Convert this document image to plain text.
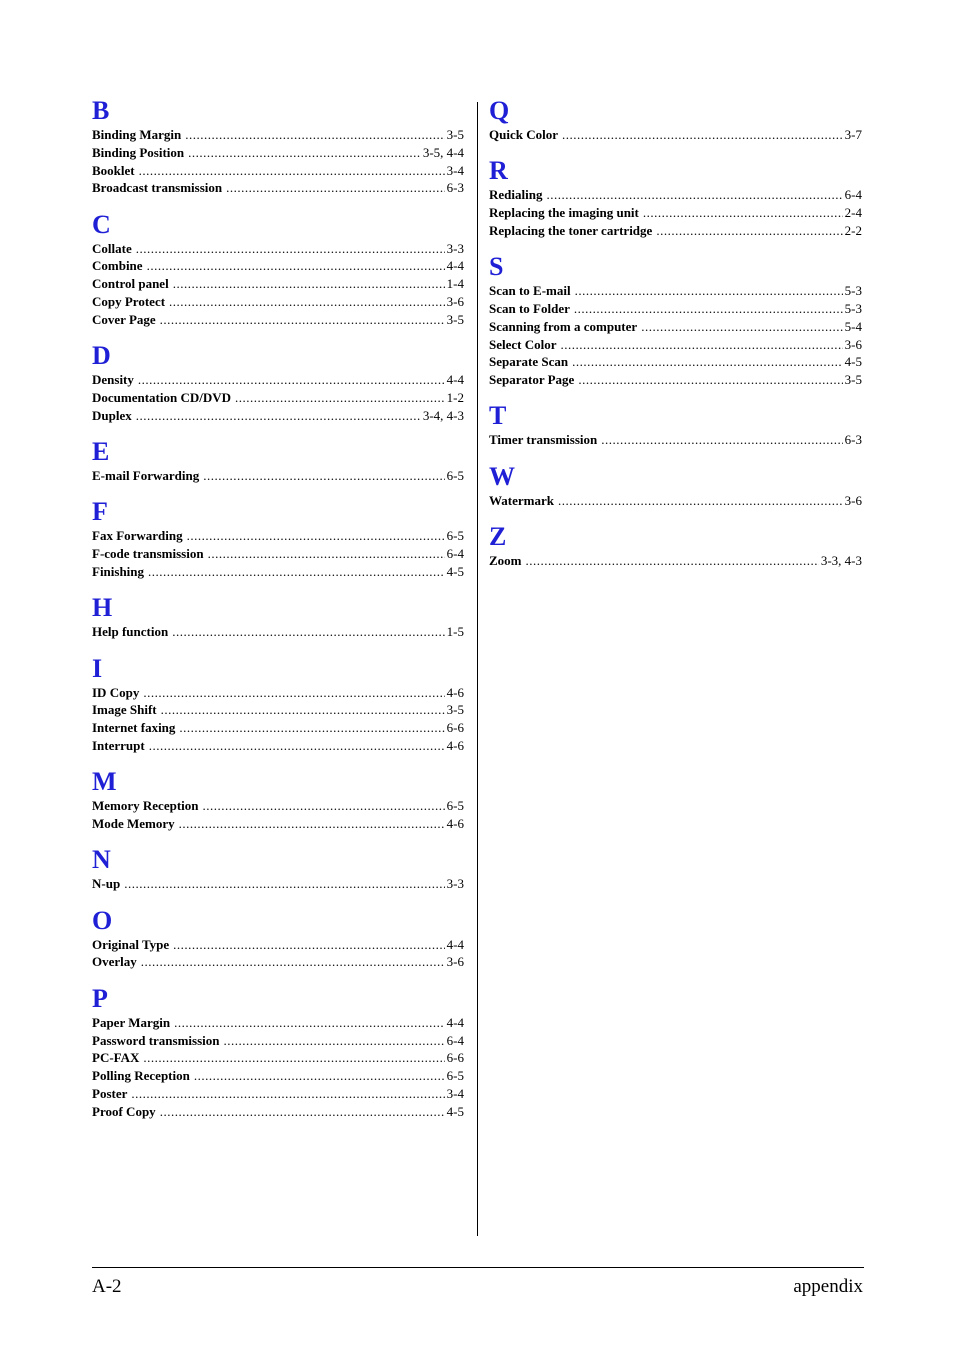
B
Binding Margin .....	3-5
Binding Position .....	3-5, 4-4
Booklet .....	3-4
Broadcast transmission .....	6-3
C
Collate .....	3-3
Combine .....	4-4
Control panel .....	1-4
Copy Protect .....	3-6
Cover Page .....	3-5
D
Density .....	4-4
Documentation CD/DVD .....	1-2
Duplex .....	3-4, 4-3
E
E-mail Forwarding .....	6-5
F
Fax Forwarding .....	6-5
F-code transmission .....	6-4
Finishing .....	4-5
H
Help function .....	1-5
I
ID Copy .....	4-6
Image Shift .....	3-5
Internet faxing .....	6-6
Interrupt .....	4-6
M
Memory Reception .....	6-5
Mode Memory .....	4-6
N
N-up .....	3-3
O
Original Type .....	4-4
Overlay .....	3-6
P
Paper Margin .....	4-4
Password transmission .....	6-4
PC-FAX .....	6-6
Polling Reception .....	6-5
Poster .....	3-4
Proof Copy .....	4-5
Q
Quick Color .....	3-7
R
Redialing .....	6-4
Replacing the imaging unit .....	2-4
Replacing the toner cartridge .....	2-2
S
Scan to E-mail .....	5-3
Scan to Folder .....	5-3
Scanning from a computer .....	5-4
Select Color .....	3-6
Separate Scan .....	4-5
Separator Page .....	3-5
T
Timer transmission .....	6-3
W
Watermark .....	3-6
Z
Zoom .....	3-3, 4-3
A-2	appendix
